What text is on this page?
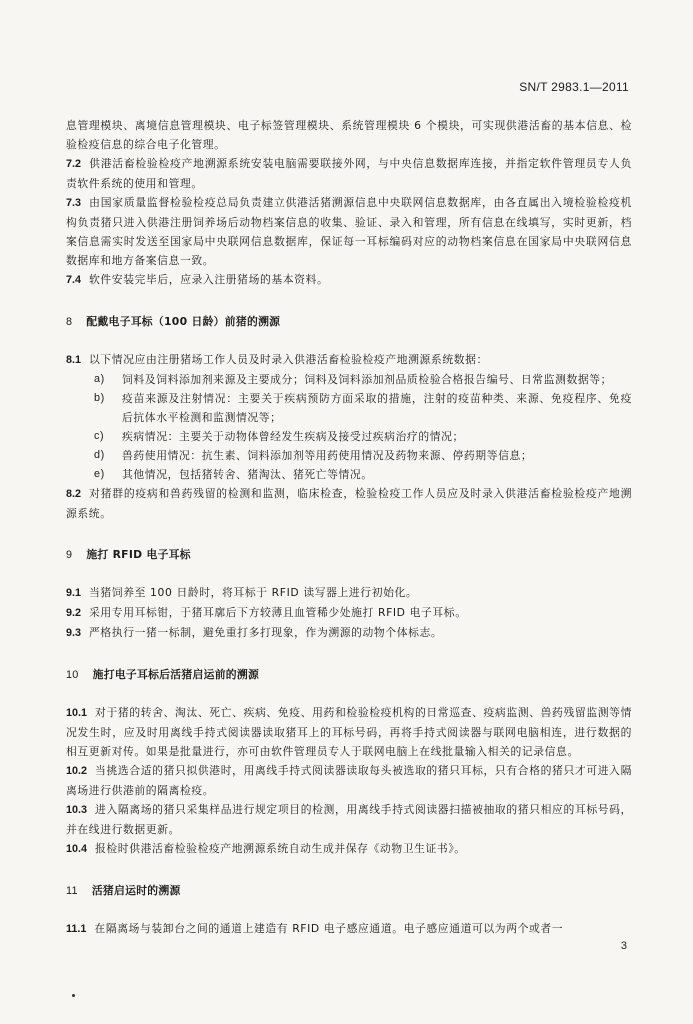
SN/T 2983.1—2011

息管理模块、离境信息管理模块、电子标签管理模块、系统管理模块 6 个模块，可实现供港活畜的基本信息、检验检疫信息的综合电子化管理。

7.2 供港活畜检验检疫产地溯源系统安装电脑需要联接外网，与中央信息数据库连接，并指定软件管理员专人负责软件系统的使用和管理。

7.3 由国家质量监督检验检疫总局负责建立供港活猪溯源信息中央联网信息数据库，由各直属出入境检验检疫机构负责猪只进入供港注册饲养场后动物档案信息的收集、验证、录入和管理，所有信息在线填写，实时更新，档案信息需实时发送至国家局中央联网信息数据库，保证每一耳标编码对应的动物档案信息在国家局中央联网信息数据库和地方备案信息一致。

7.4 软件安装完毕后，应录入注册猪场的基本资料。

8 配戴电子耳标（100 日龄）前猪的溯源

8.1 以下情况应由注册猪场工作人员及时录入供港活畜检验检疫产地溯源系统数据：

a)	饲料及饲料添加剂来源及主要成分；饲料及饲料添加剂品质检验合格报告编号、日常监测数据等；
b)	疫苗来源及注射情况：主要关于疾病预防方面采取的措施，注射的疫苗种类、来源、免疫程序、免疫后抗体水平检测和监测情况等；
c)	疾病情况：主要关于动物体曾经发生疾病及接受过疾病治疗的情况；
d)	兽药使用情况：抗生素、饲料添加剂等用药使用情况及药物来源、停药期等信息；
e)	其他情况，包括猪转舍、猪淘汰、猪死亡等情况。

8.2 对猪群的疫病和兽药残留的检测和监测，临床检查，检验检疫工作人员应及时录入供港活畜检验检疫产地溯源系统。

9 施打 RFID 电子耳标

9.1 当猪饲养至 100 日龄时，将耳标于 RFID 读写器上进行初始化。

9.2 采用专用耳标钳，于猪耳廓后下方较薄且血管稀少处施打 RFID 电子耳标。

9.3 严格执行一猪一标制，避免重打多打现象，作为溯源的动物个体标志。

10 施打电子耳标后活猪启运前的溯源

10.1 对于猪的转舍、淘汰、死亡、疾病、免疫、用药和检验检疫机构的日常巡查、疫病监测、兽药残留监测等情况发生时，应及时用离线手持式阅读器读取猪耳上的耳标号码，再将手持式阅读器与联网电脑相连，进行数据的相互更新对传。如果是批量进行，亦可由软件管理员专人于联网电脑上在线批量输入相关的记录信息。

10.2 当挑选合适的猪只拟供港时，用离线手持式阅读器读取每头被选取的猪只耳标，只有合格的猪只才可进入隔离场进行供港前的隔离检疫。

10.3 进入隔离场的猪只采集样品进行规定项目的检测，用离线手持式阅读器扫描被抽取的猪只相应的耳标号码，并在线进行数据更新。

10.4 报检时供港活畜检验检疫产地溯源系统自动生成并保存《动物卫生证书》。

11 活猪启运时的溯源

11.1 在隔离场与装卸台之间的通道上建造有 RFID 电子感应通道。电子感应通道可以为两个或者一

3
